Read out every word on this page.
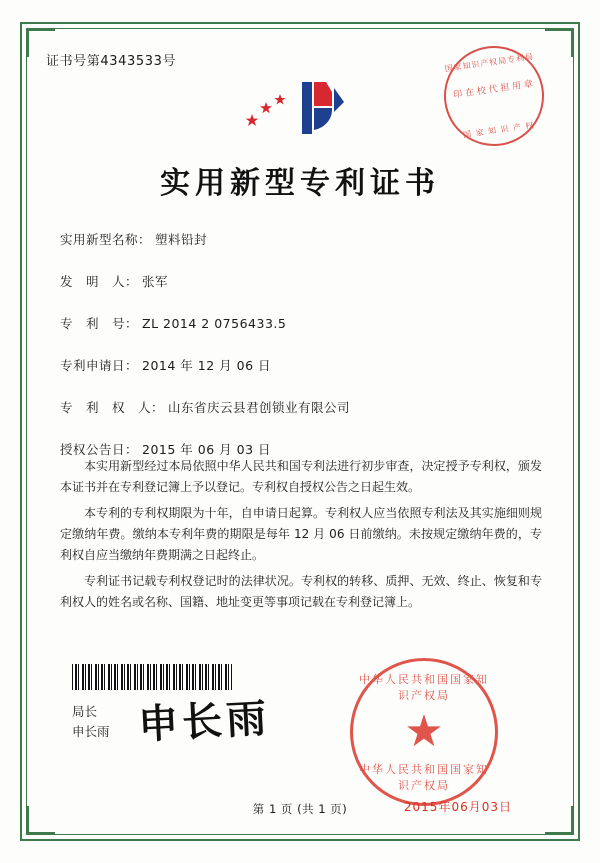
证书号第4343533号
实用新型专利证书
实用新型名称： 塑料铅封
发　明　人： 张军
专　利　号： ZL 2014 2 0756433.5
专利申请日： 2014 年 12 月 06 日
专　利　权　人： 山东省庆云县君创锁业有限公司
授权公告日： 2015 年 06 月 03 日

本实用新型经过本局依照中华人民共和国专利法进行初步审查，决定授予专利权，颁发本证书并在专利登记簿上予以登记。专利权自授权公告之日起生效。

本专利的专利权期限为十年，自申请日起算。专利权人应当依照专利法及其实施细则规定缴纳年费。缴纳本专利年费的期限是每年 12 月 06 日前缴纳。未按规定缴纳年费的，专利权自应当缴纳年费期满之日起终止。

专利证书记载专利权登记时的法律状况。专利权的转移、质押、无效、终止、恢复和专利权人的姓名或名称、国籍、地址变更等事项记载在专利登记簿上。

局长
申长雨 申长雨
国家知识产权局专利局
印 在 校 代 担 用 章
国 家 知 识 产 权
中华人民共和国国家知识产权局
★
中华人民共和国国家知识产权局
2015年06月03日
第 1 页 (共 1 页)
